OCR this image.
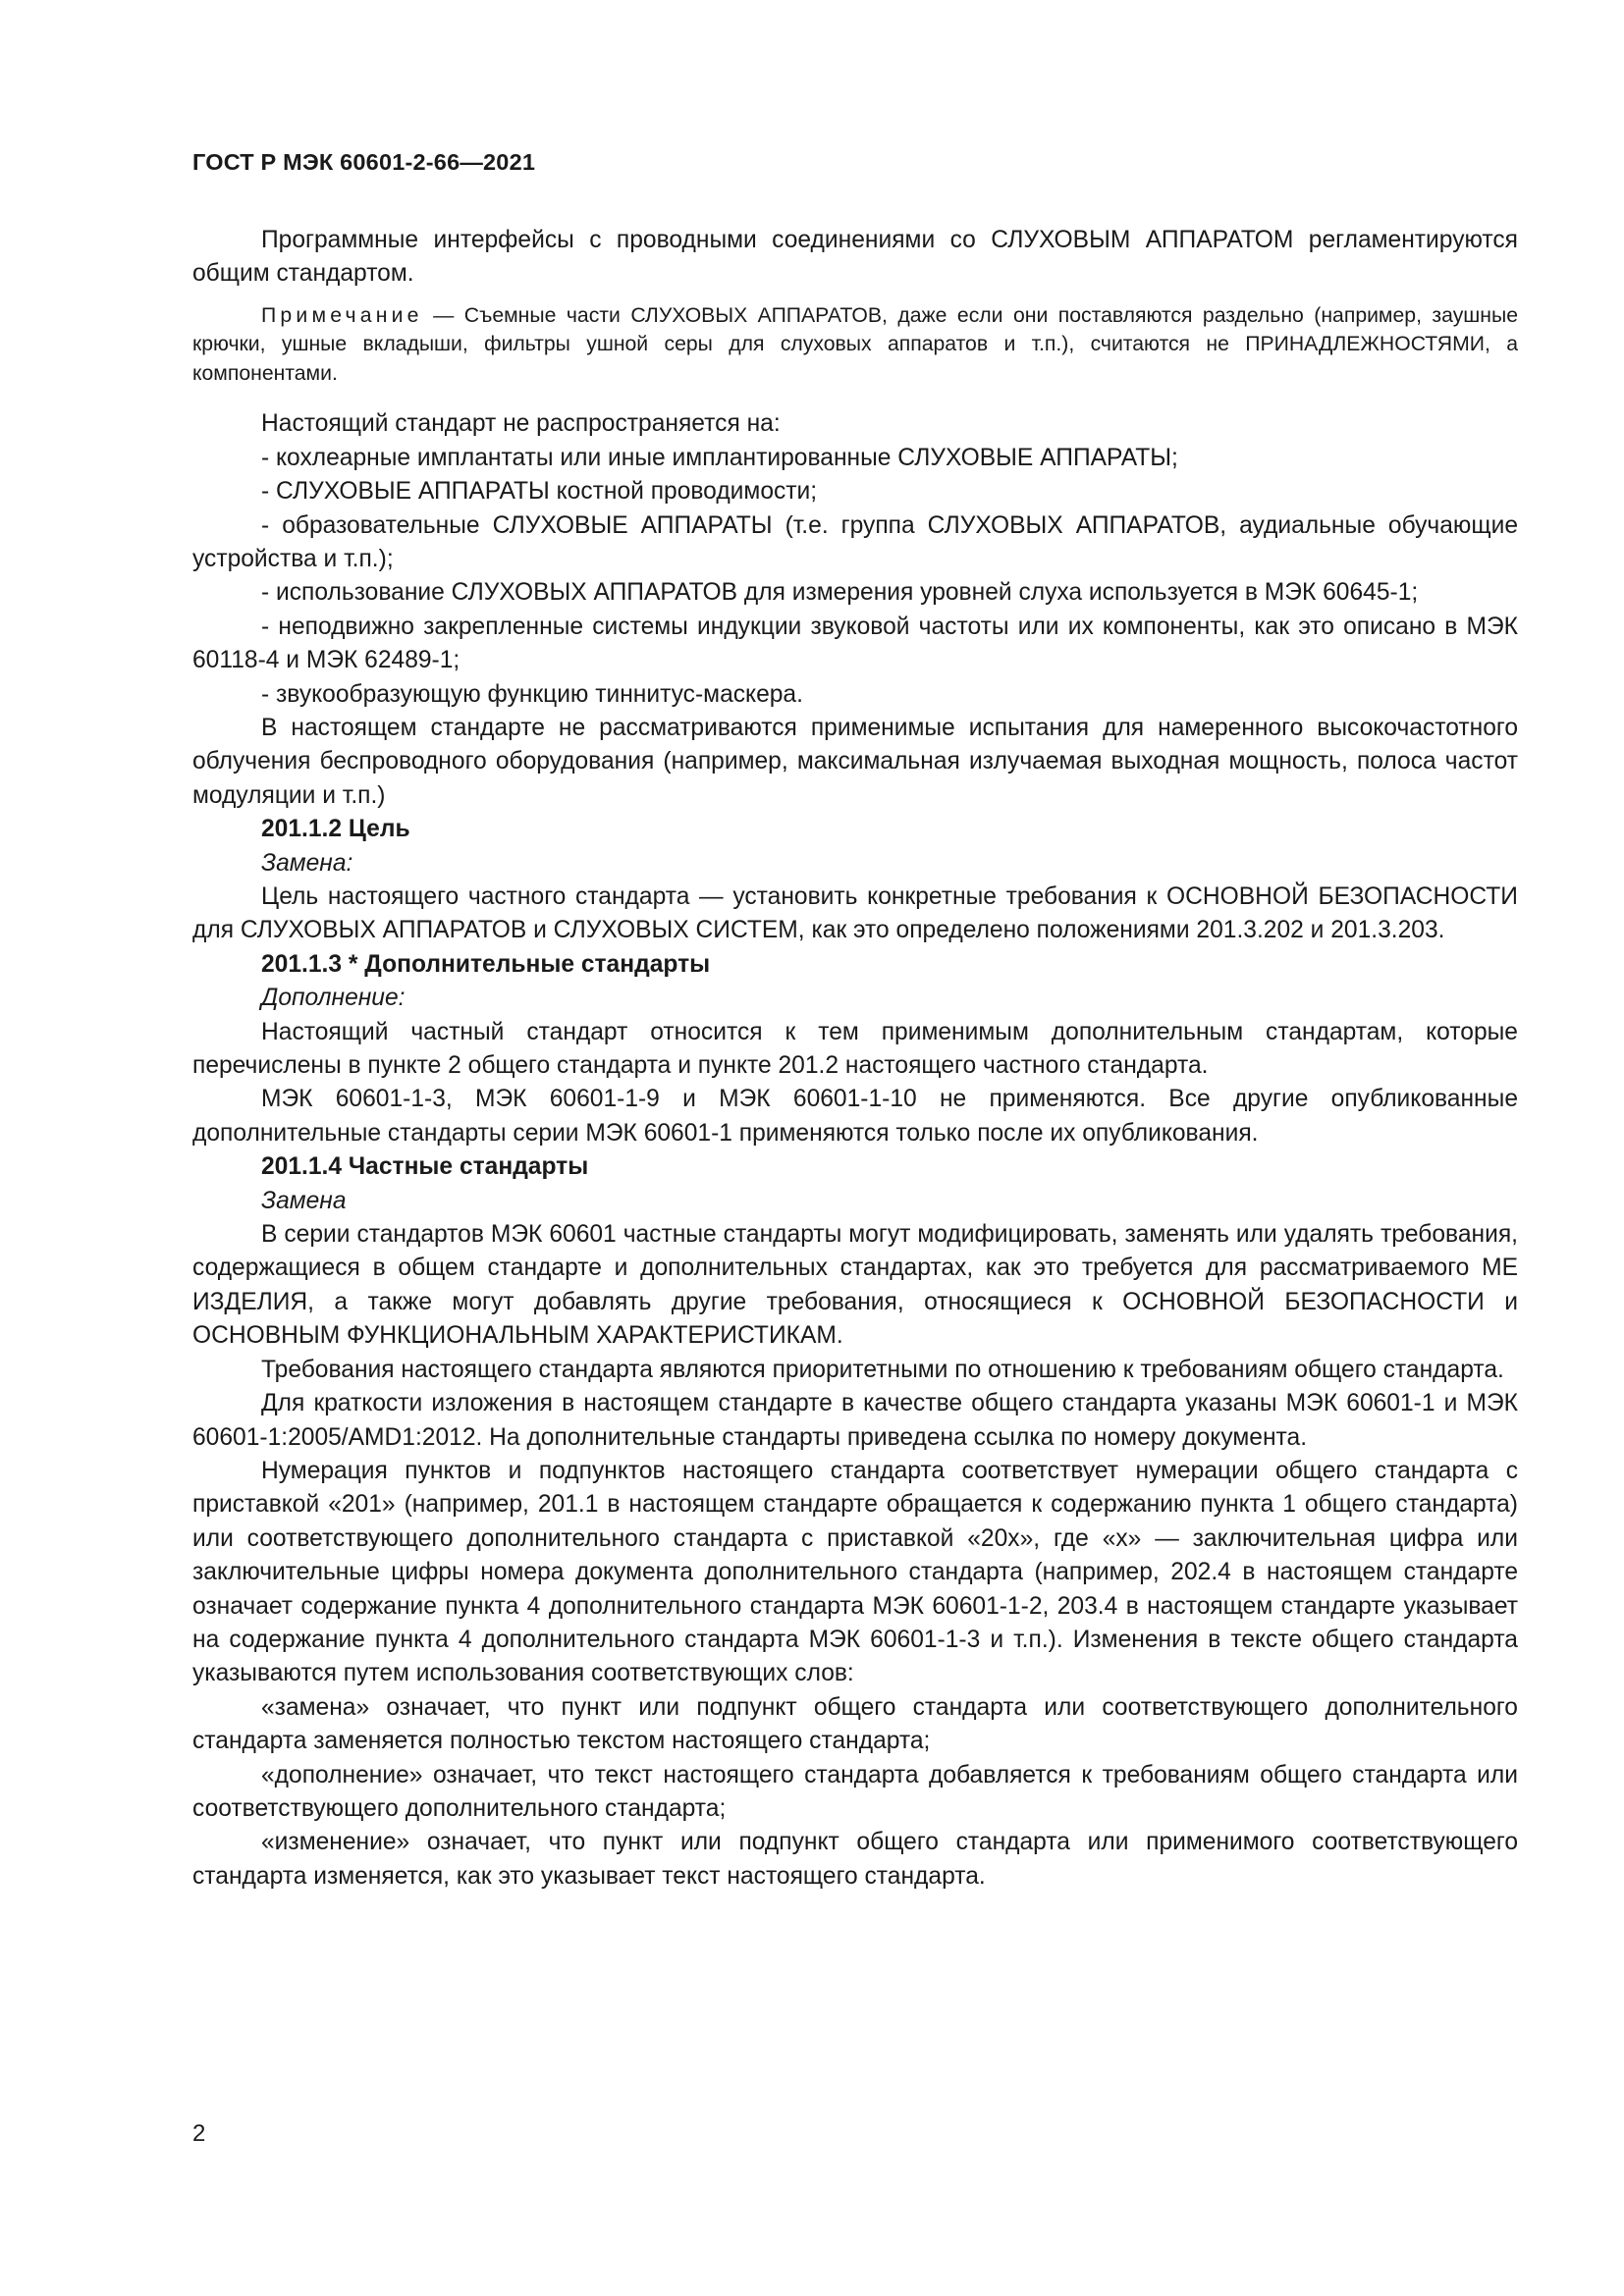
ГОСТ Р МЭК 60601-2-66—2021

Программные интерфейсы с проводными соединениями со СЛУХОВЫМ АППАРАТОМ регламентируются общим стандартом.

Примечание — Съемные части СЛУХОВЫХ АППАРАТОВ, даже если они поставляются раздельно (например, заушные крючки, ушные вкладыши, фильтры ушной серы для слуховых аппаратов и т.п.), считаются не ПРИНАДЛЕЖНОСТЯМИ, а компонентами.

Настоящий стандарт не распространяется на:

- кохлеарные имплантаты или иные имплантированные СЛУХОВЫЕ АППАРАТЫ;

- СЛУХОВЫЕ АППАРАТЫ костной проводимости;

- образовательные СЛУХОВЫЕ АППАРАТЫ (т.е. группа СЛУХОВЫХ АППАРАТОВ, аудиальные обучающие устройства и т.п.);

- использование СЛУХОВЫХ АППАРАТОВ для измерения уровней слуха используется в МЭК 60645-1;

- неподвижно закрепленные системы индукции звуковой частоты или их компоненты, как это описано в МЭК 60118-4 и МЭК 62489-1;

- звукообразующую функцию тиннитус-маскера.

В настоящем стандарте не рассматриваются применимые испытания для намеренного высокочастотного облучения беспроводного оборудования (например, максимальная излучаемая выходная мощность, полоса частот модуляции и т.п.)

201.1.2 Цель

Замена:

Цель настоящего частного стандарта — установить конкретные требования к ОСНОВНОЙ БЕЗОПАСНОСТИ для СЛУХОВЫХ АППАРАТОВ и СЛУХОВЫХ СИСТЕМ, как это определено положениями 201.3.202 и 201.3.203.

201.1.3 * Дополнительные стандарты

Дополнение:

Настоящий частный стандарт относится к тем применимым дополнительным стандартам, которые перечислены в пункте 2 общего стандарта и пункте 201.2 настоящего частного стандарта.

МЭК 60601-1-3, МЭК 60601-1-9 и МЭК 60601-1-10 не применяются. Все другие опубликованные дополнительные стандарты серии МЭК 60601-1 применяются только после их опубликования.

201.1.4 Частные стандарты

Замена

В серии стандартов МЭК 60601 частные стандарты могут модифицировать, заменять или удалять требования, содержащиеся в общем стандарте и дополнительных стандартах, как это требуется для рассматриваемого МЕ ИЗДЕЛИЯ, а также могут добавлять другие требования, относящиеся к ОСНОВНОЙ БЕЗОПАСНОСТИ и ОСНОВНЫМ ФУНКЦИОНАЛЬНЫМ ХАРАКТЕРИСТИКАМ.

Требования настоящего стандарта являются приоритетными по отношению к требованиям общего стандарта.

Для краткости изложения в настоящем стандарте в качестве общего стандарта указаны МЭК 60601-1 и МЭК 60601-1:2005/AMD1:2012. На дополнительные стандарты приведена ссылка по номеру документа.

Нумерация пунктов и подпунктов настоящего стандарта соответствует нумерации общего стандарта с приставкой «201» (например, 201.1 в настоящем стандарте обращается к содержанию пункта 1 общего стандарта) или соответствующего дополнительного стандарта с приставкой «20x», где «x» — заключительная цифра или заключительные цифры номера документа дополнительного стандарта (например, 202.4 в настоящем стандарте означает содержание пункта 4 дополнительного стандарта МЭК 60601-1-2, 203.4 в настоящем стандарте указывает на содержание пункта 4 дополнительного стандарта МЭК 60601-1-3 и т.п.). Изменения в тексте общего стандарта указываются путем использования соответствующих слов:

«замена» означает, что пункт или подпункт общего стандарта или соответствующего дополнительного стандарта заменяется полностью текстом настоящего стандарта;

«дополнение» означает, что текст настоящего стандарта добавляется к требованиям общего стандарта или соответствующего дополнительного стандарта;

«изменение» означает, что пункт или подпункт общего стандарта или применимого соответствующего стандарта изменяется, как это указывает текст настоящего стандарта.

2
